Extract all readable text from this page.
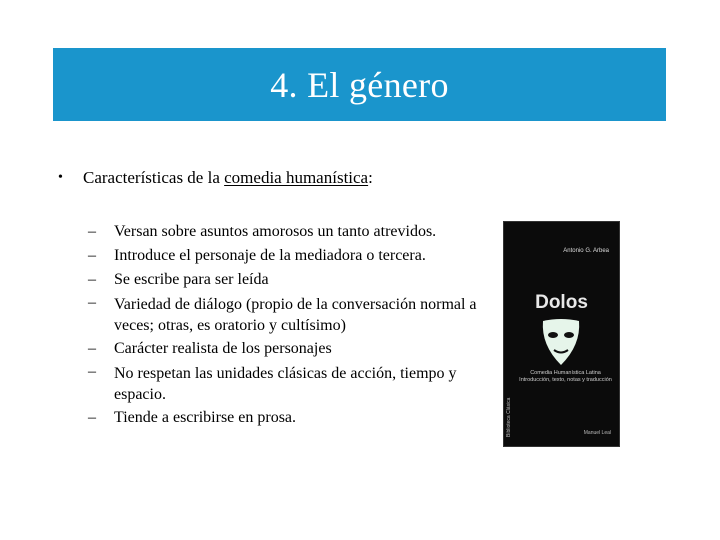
4. El género
• Características de la comedia humanística:
– Versan sobre asuntos amorosos un tanto atrevidos.
– Introduce el personaje de la mediadora o tercera.
– Se escribe para ser leída
– Variedad de diálogo (propio de la conversación normal a veces; otras, es oratorio y cultísimo)
– Carácter realista de los personajes
– No respetan las unidades clásicas de acción, tiempo y espacio.
– Tiende a escribirse en prosa.
Antonio G. Arbea
Dolos
Comedia Humanística Latina Introducción, texto, notas y traducción
Biblioteca Clásica	Manuel Leal
